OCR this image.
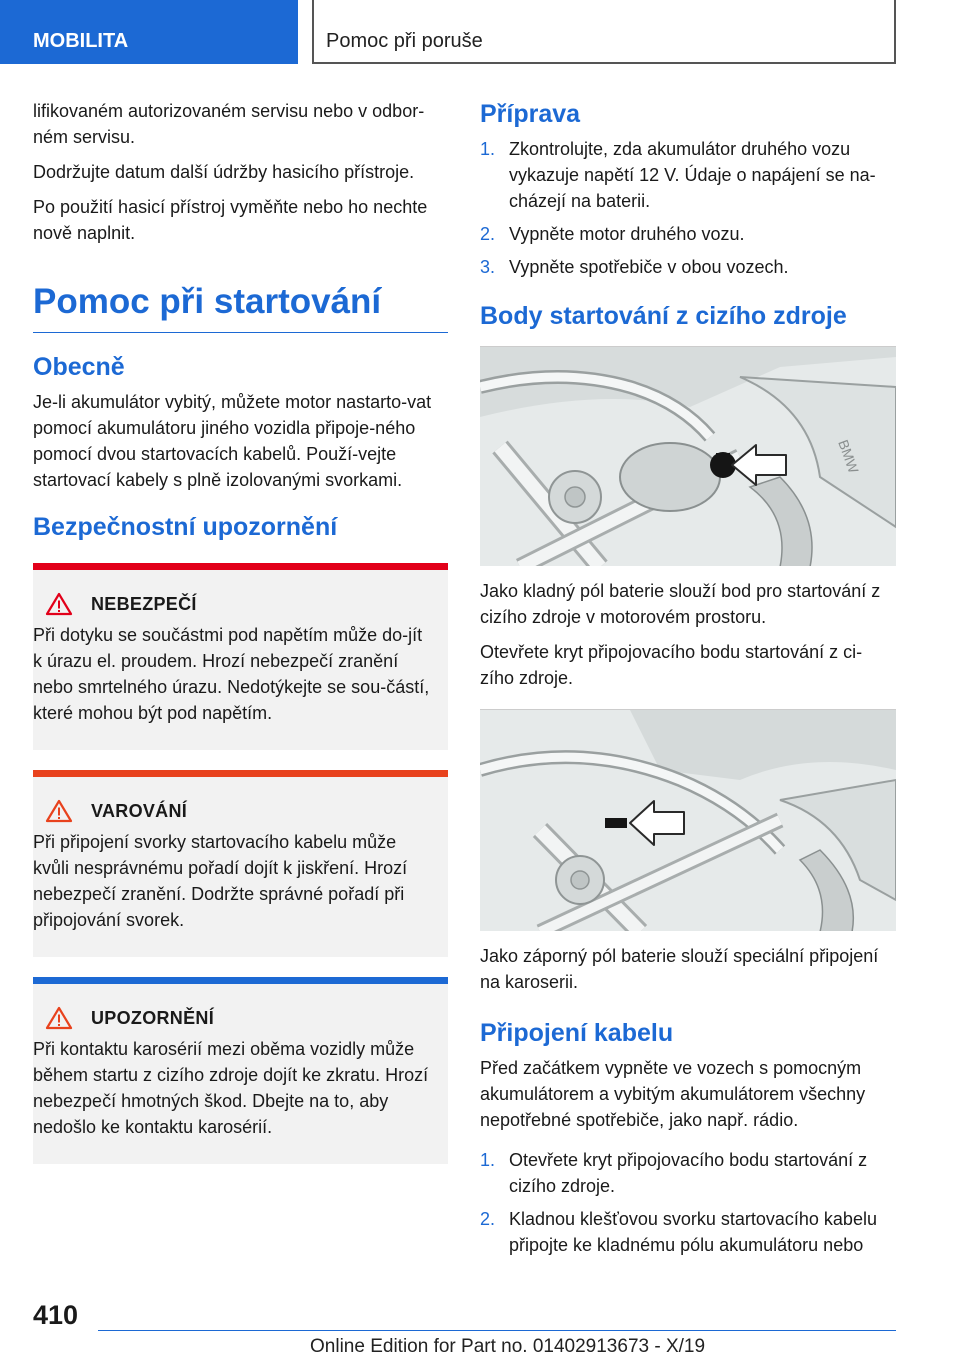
MOBILITA	Pomoc při poruše

lifikovaném autorizovaném servisu nebo v odbor-ném servisu.

Dodržujte datum další údržby hasicího přístroje.

Po použití hasicí přístroj vyměňte nebo ho nechte nově naplnit.

Pomoc při startování
Obecně

Je-li akumulátor vybitý, můžete motor nastarto-vat pomocí akumulátoru jiného vozidla připoje-ného pomocí dvou startovacích kabelů. Použí-vejte startovací kabely s plně izolovanými svorkami.

Bezpečnostní upozornění
NEBEZPEČÍ

Při dotyku se součástmi pod napětím může do-jít k úrazu el. proudem. Hrozí nebezpečí zranění nebo smrtelného úrazu. Nedotýkejte se sou-částí, které mohou být pod napětím.

VAROVÁNÍ

Při připojení svorky startovacího kabelu může kvůli nesprávnému pořadí dojít k jiskření. Hrozí nebezpečí zranění. Dodržte správné pořadí při připojování svorek.

UPOZORNĚNÍ

Při kontaktu karosérií mezi oběma vozidly může během startu z cizího zdroje dojít ke zkratu. Hrozí nebezpečí hmotných škod. Dbejte na to, aby nedošlo ke kontaktu karosérií.

Příprava
1. Zkontrolujte, zda akumulátor druhého vozu vykazuje napětí 12 V. Údaje o napájení se na-cházejí na baterii.
2. Vypněte motor druhého vozu.
3. Vypněte spotřebiče v obou vozech.
Body startování z cizího zdroje
BMW

Jako kladný pól baterie slouží bod pro startování z cizího zdroje v motorovém prostoru.

Otevřete kryt připojovacího bodu startování z ci-zího zdroje.

Jako záporný pól baterie slouží speciální připojení na karoserii.

Připojení kabelu

Před začátkem vypněte ve vozech s pomocným akumulátorem a vybitým akumulátorem všechny nepotřebné spotřebiče, jako např. rádio.

1. Otevřete kryt připojovacího bodu startování z cizího zdroje.
2. Kladnou klešťovou svorku startovacího kabelu připojte ke kladnému pólu akumulátoru nebo
410
Online Edition for Part no. 01402913673 - X/19
